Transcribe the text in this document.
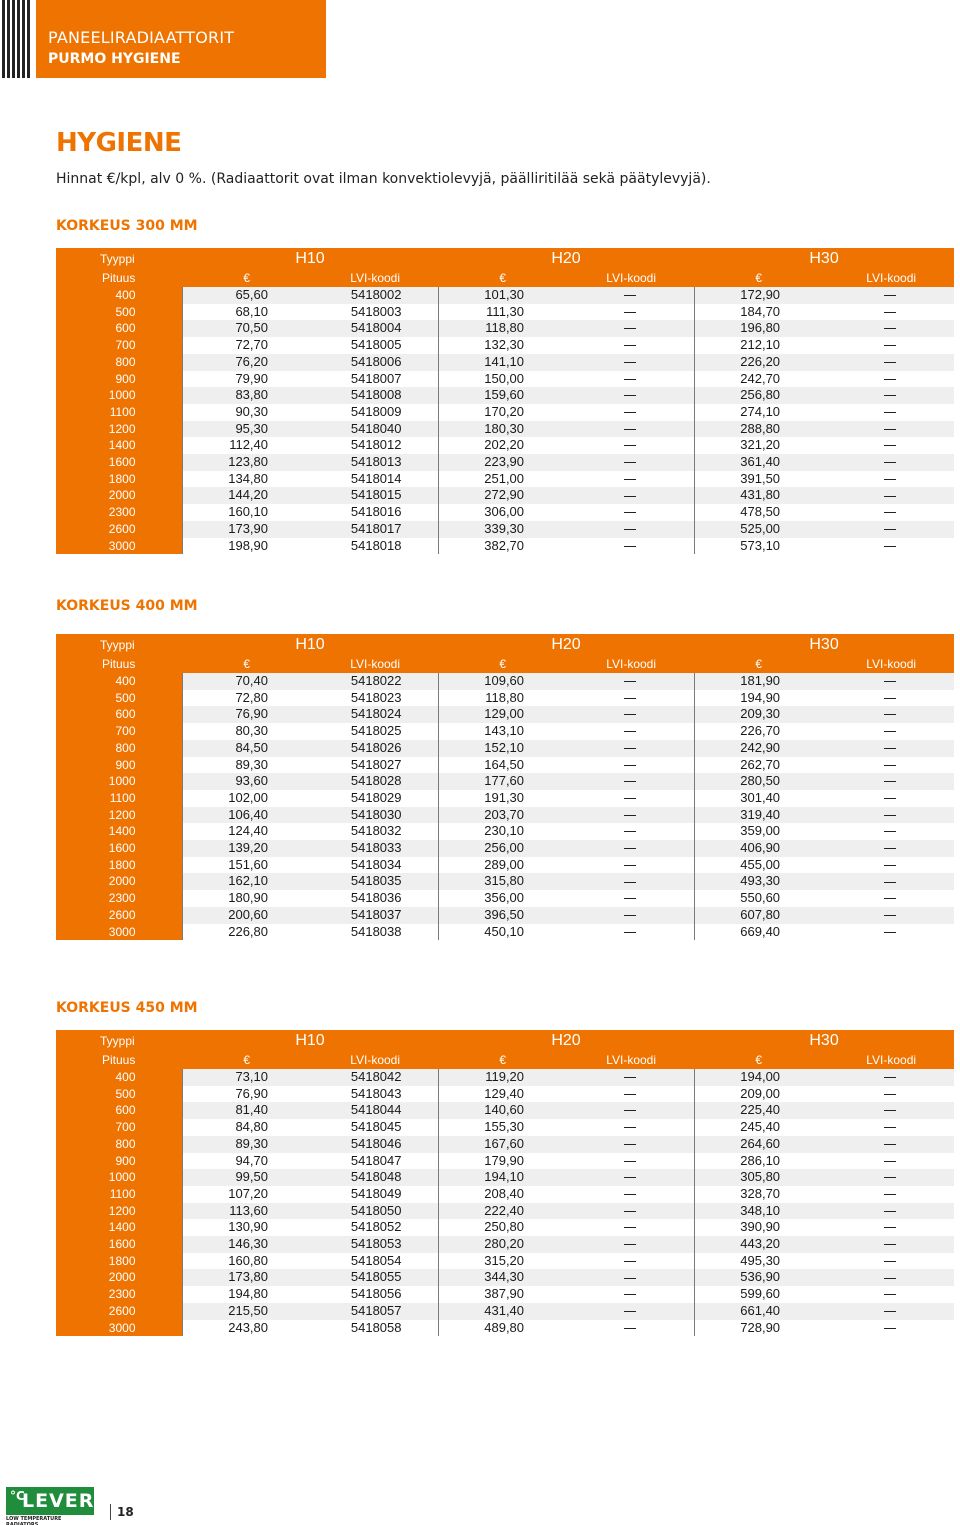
PANEELIRADIAATTORIT
PURMO HYGIENE
HYGIENE

Hinnat €/kpl, alv 0 %. (Radiaattorit ovat ilman konvektiolevyjä, päälliritilää sekä päätylevyjä).

KORKEUS 300 MM
Tyyppi	H10		H20		H30	
Pituus	€	LVI-koodi	€	LVI-koodi	€	LVI-koodi
400	65,60	5418002	101,30		172,90	
500	68,10	5418003	111,30		184,70	
600	70,50	5418004	118,80		196,80	
700	72,70	5418005	132,30		212,10	
800	76,20	5418006	141,10		226,20	
900	79,90	5418007	150,00		242,70	
1000	83,80	5418008	159,60		256,80	
1100	90,30	5418009	170,20		274,10	
1200	95,30	5418040	180,30		288,80	
1400	112,40	5418012	202,20		321,20	
1600	123,80	5418013	223,90		361,40	
1800	134,80	5418014	251,00		391,50	
2000	144,20	5418015	272,90		431,80	
2300	160,10	5418016	306,00		478,50	
2600	173,90	5418017	339,30		525,00	
3000	198,90	5418018	382,70		573,10	
KORKEUS 400 MM
Tyyppi	H10		H20		H30	
Pituus	€	LVI-koodi	€	LVI-koodi	€	LVI-koodi
400	70,40	5418022	109,60		181,90	
500	72,80	5418023	118,80		194,90	
600	76,90	5418024	129,00		209,30	
700	80,30	5418025	143,10		226,70	
800	84,50	5418026	152,10		242,90	
900	89,30	5418027	164,50		262,70	
1000	93,60	5418028	177,60		280,50	
1100	102,00	5418029	191,30		301,40	
1200	106,40	5418030	203,70		319,40	
1400	124,40	5418032	230,10		359,00	
1600	139,20	5418033	256,00		406,90	
1800	151,60	5418034	289,00		455,00	
2000	162,10	5418035	315,80		493,30	
2300	180,90	5418036	356,00		550,60	
2600	200,60	5418037	396,50		607,80	
3000	226,80	5418038	450,10		669,40	
KORKEUS 450 MM
Tyyppi	H10		H20		H30	
Pituus	€	LVI-koodi	€	LVI-koodi	€	LVI-koodi
400	73,10	5418042	119,20		194,00	
500	76,90	5418043	129,40		209,00	
600	81,40	5418044	140,60		225,40	
700	84,80	5418045	155,30		245,40	
800	89,30	5418046	167,60		264,60	
900	94,70	5418047	179,90		286,10	
1000	99,50	5418048	194,10		305,80	
1100	107,20	5418049	208,40		328,70	
1200	113,60	5418050	222,40		348,10	
1400	130,90	5418052	250,80		390,90	
1600	146,30	5418053	280,20		443,20	
1800	160,80	5418054	315,20		495,30	
2000	173,80	5418055	344,30		536,90	
2300	194,80	5418056	387,90		599,60	
2600	215,50	5418057	431,40		661,40	
3000	243,80	5418058	489,80		728,90	
°C
LEVER
LOW TEMPERATURE RADIATORS
18
